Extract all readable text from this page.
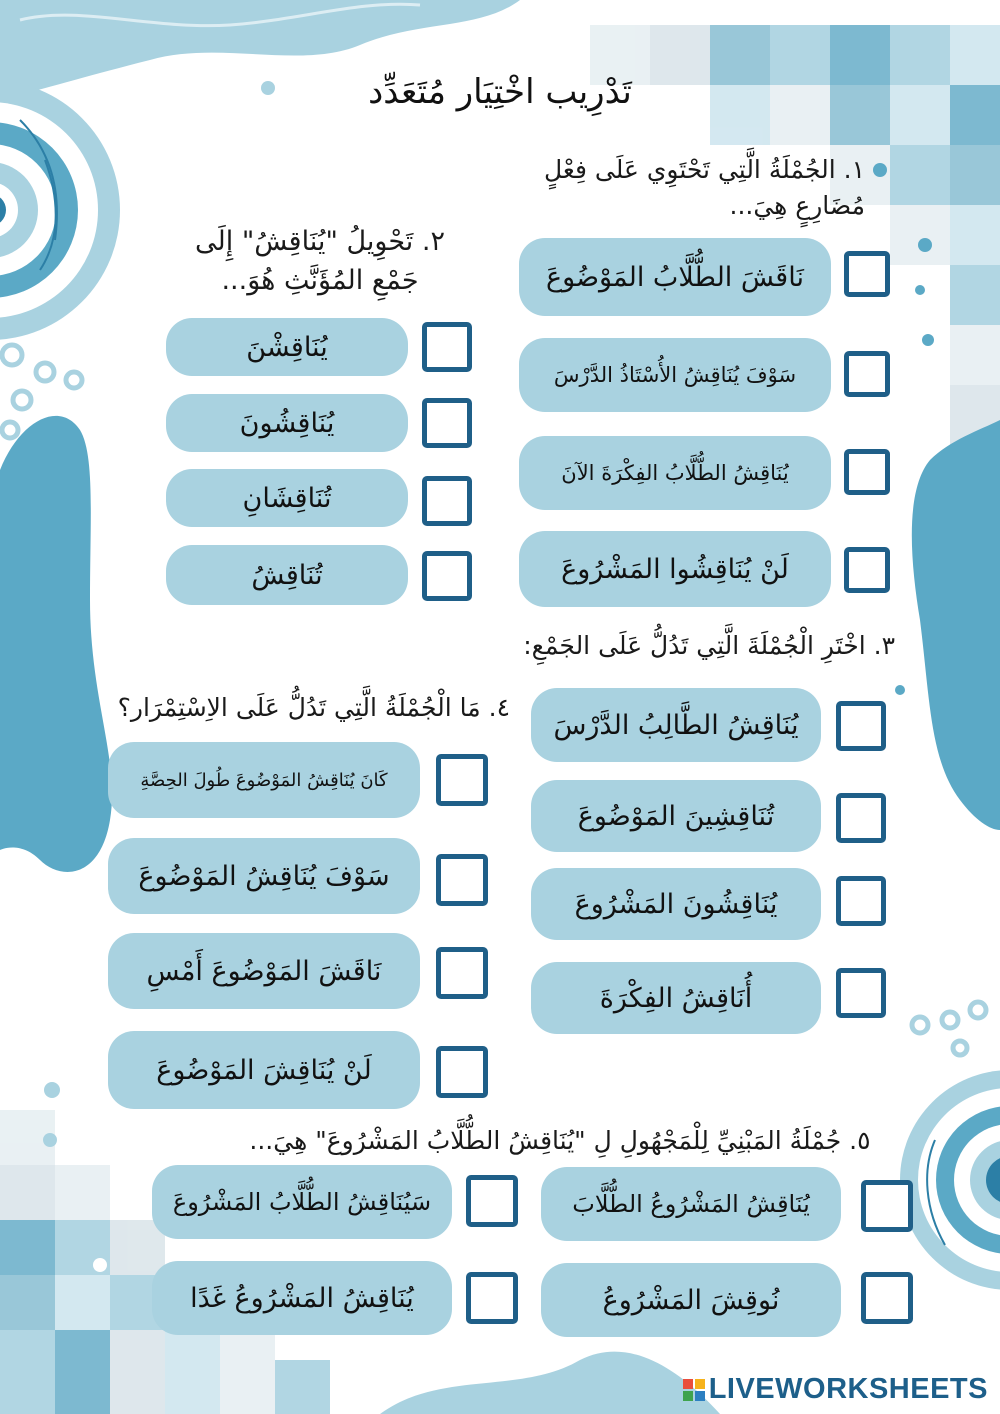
تَدْرِيب اخْتِيَار مُتَعَدِّد
١. الجُمْلَةُ الَّتِي تَحْتَوِي عَلَى فِعْلٍ مُضَارِعٍ هِيَ...
نَاقَشَ الطُّلَّابُ المَوْضُوعَ
سَوْفَ يُنَاقِشُ الأُسْتَاذُ الدَّرْسَ
يُنَاقِشُ الطُّلَّابُ الفِكْرَةَ الآنَ
لَنْ يُنَاقِشُوا المَشْرُوعَ
٢. تَحْوِيلُ "يُنَاقِشُ" إِلَى جَمْعِ المُؤَنَّثِ هُوَ...
يُنَاقِشْنَ
يُنَاقِشُونَ
تُنَاقِشَانِ
تُنَاقِشُ
٣. اخْتَرِ الْجُمْلَةَ الَّتِي تَدُلُّ عَلَى الجَمْعِ:
يُنَاقِشُ الطَّالِبُ الدَّرْسَ
تُنَاقِشِينَ المَوْضُوعَ
يُنَاقِشُونَ المَشْرُوعَ
أُنَاقِشُ الفِكْرَةَ
٤. مَا الْجُمْلَةُ الَّتِي تَدُلُّ عَلَى الاِسْتِمْرَار؟
كَانَ يُنَاقِشُ المَوْضُوعَ طُولَ الحِصَّةِ
سَوْفَ يُنَاقِشُ المَوْضُوعَ
نَاقَشَ المَوْضُوعَ أَمْسِ
لَنْ يُنَاقِشَ المَوْضُوعَ
٥. جُمْلَةُ المَبْنِيِّ لِلْمَجْهُولِ لِ "يُنَاقِشُ الطُّلَّابُ المَشْرُوعَ" هِيَ...
يُنَاقِشُ المَشْرُوعُ الطُّلَّابَ
سَيُنَاقِشُ الطُّلَّابُ المَشْرُوعَ
نُوقِشَ المَشْرُوعُ
يُنَاقِشُ المَشْرُوعُ غَدًا
LIVEWORKSHEETS
